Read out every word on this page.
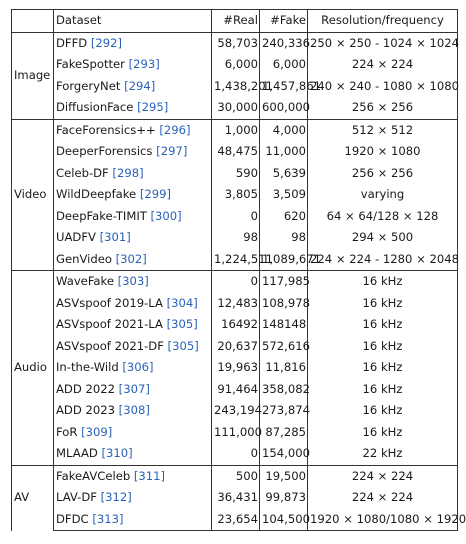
	Dataset	#Real	#Fake	Resolution/frequency
Image	DFFD [292]	58,703	240,336	250 × 250 - 1024 × 1024
	FakeSpotter [293]	6,000	6,000	224 × 224
	ForgeryNet [294]	1,438,201	1,457,861	240 × 240 - 1080 × 1080
	DiffusionFace [295]	30,000	600,000	256 × 256
Video	FaceForensics++ [296]	1,000	4,000	512 × 512
	DeeperForensics [297]	48,475	11,000	1920 × 1080
	Celeb-DF [298]	590	5,639	256 × 256
	WildDeepfake [299]	3,805	3,509	varying
	DeepFake-TIMIT [300]	0	620	64 × 64/128 × 128
	UADFV [301]	98	98	294 × 500
	GenVideo [302]	1,224,511	1,089,671	224 × 224 - 1280 × 2048
Audio	WaveFake [303]	0	117,985	16 kHz
	ASVspoof 2019-LA [304]	12,483	108,978	16 kHz
	ASVspoof 2021-LA [305]	16492	148148	16 kHz
	ASVspoof 2021-DF [305]	20,637	572,616	16 kHz
	In-the-Wild [306]	19,963	11,816	16 kHz
	ADD 2022 [307]	91,464	358,082	16 kHz
	ADD 2023 [308]	243,194	273,874	16 kHz
	FoR [309]	111,000	87,285	16 kHz
	MLAAD [310]	0	154,000	22 kHz
AV	FakeAVCeleb [311]	500	19,500	224 × 224
	LAV-DF [312]	36,431	99,873	224 × 224
	DFDC [313]	23,654	104,500	1920 × 1080/1080 × 1920
